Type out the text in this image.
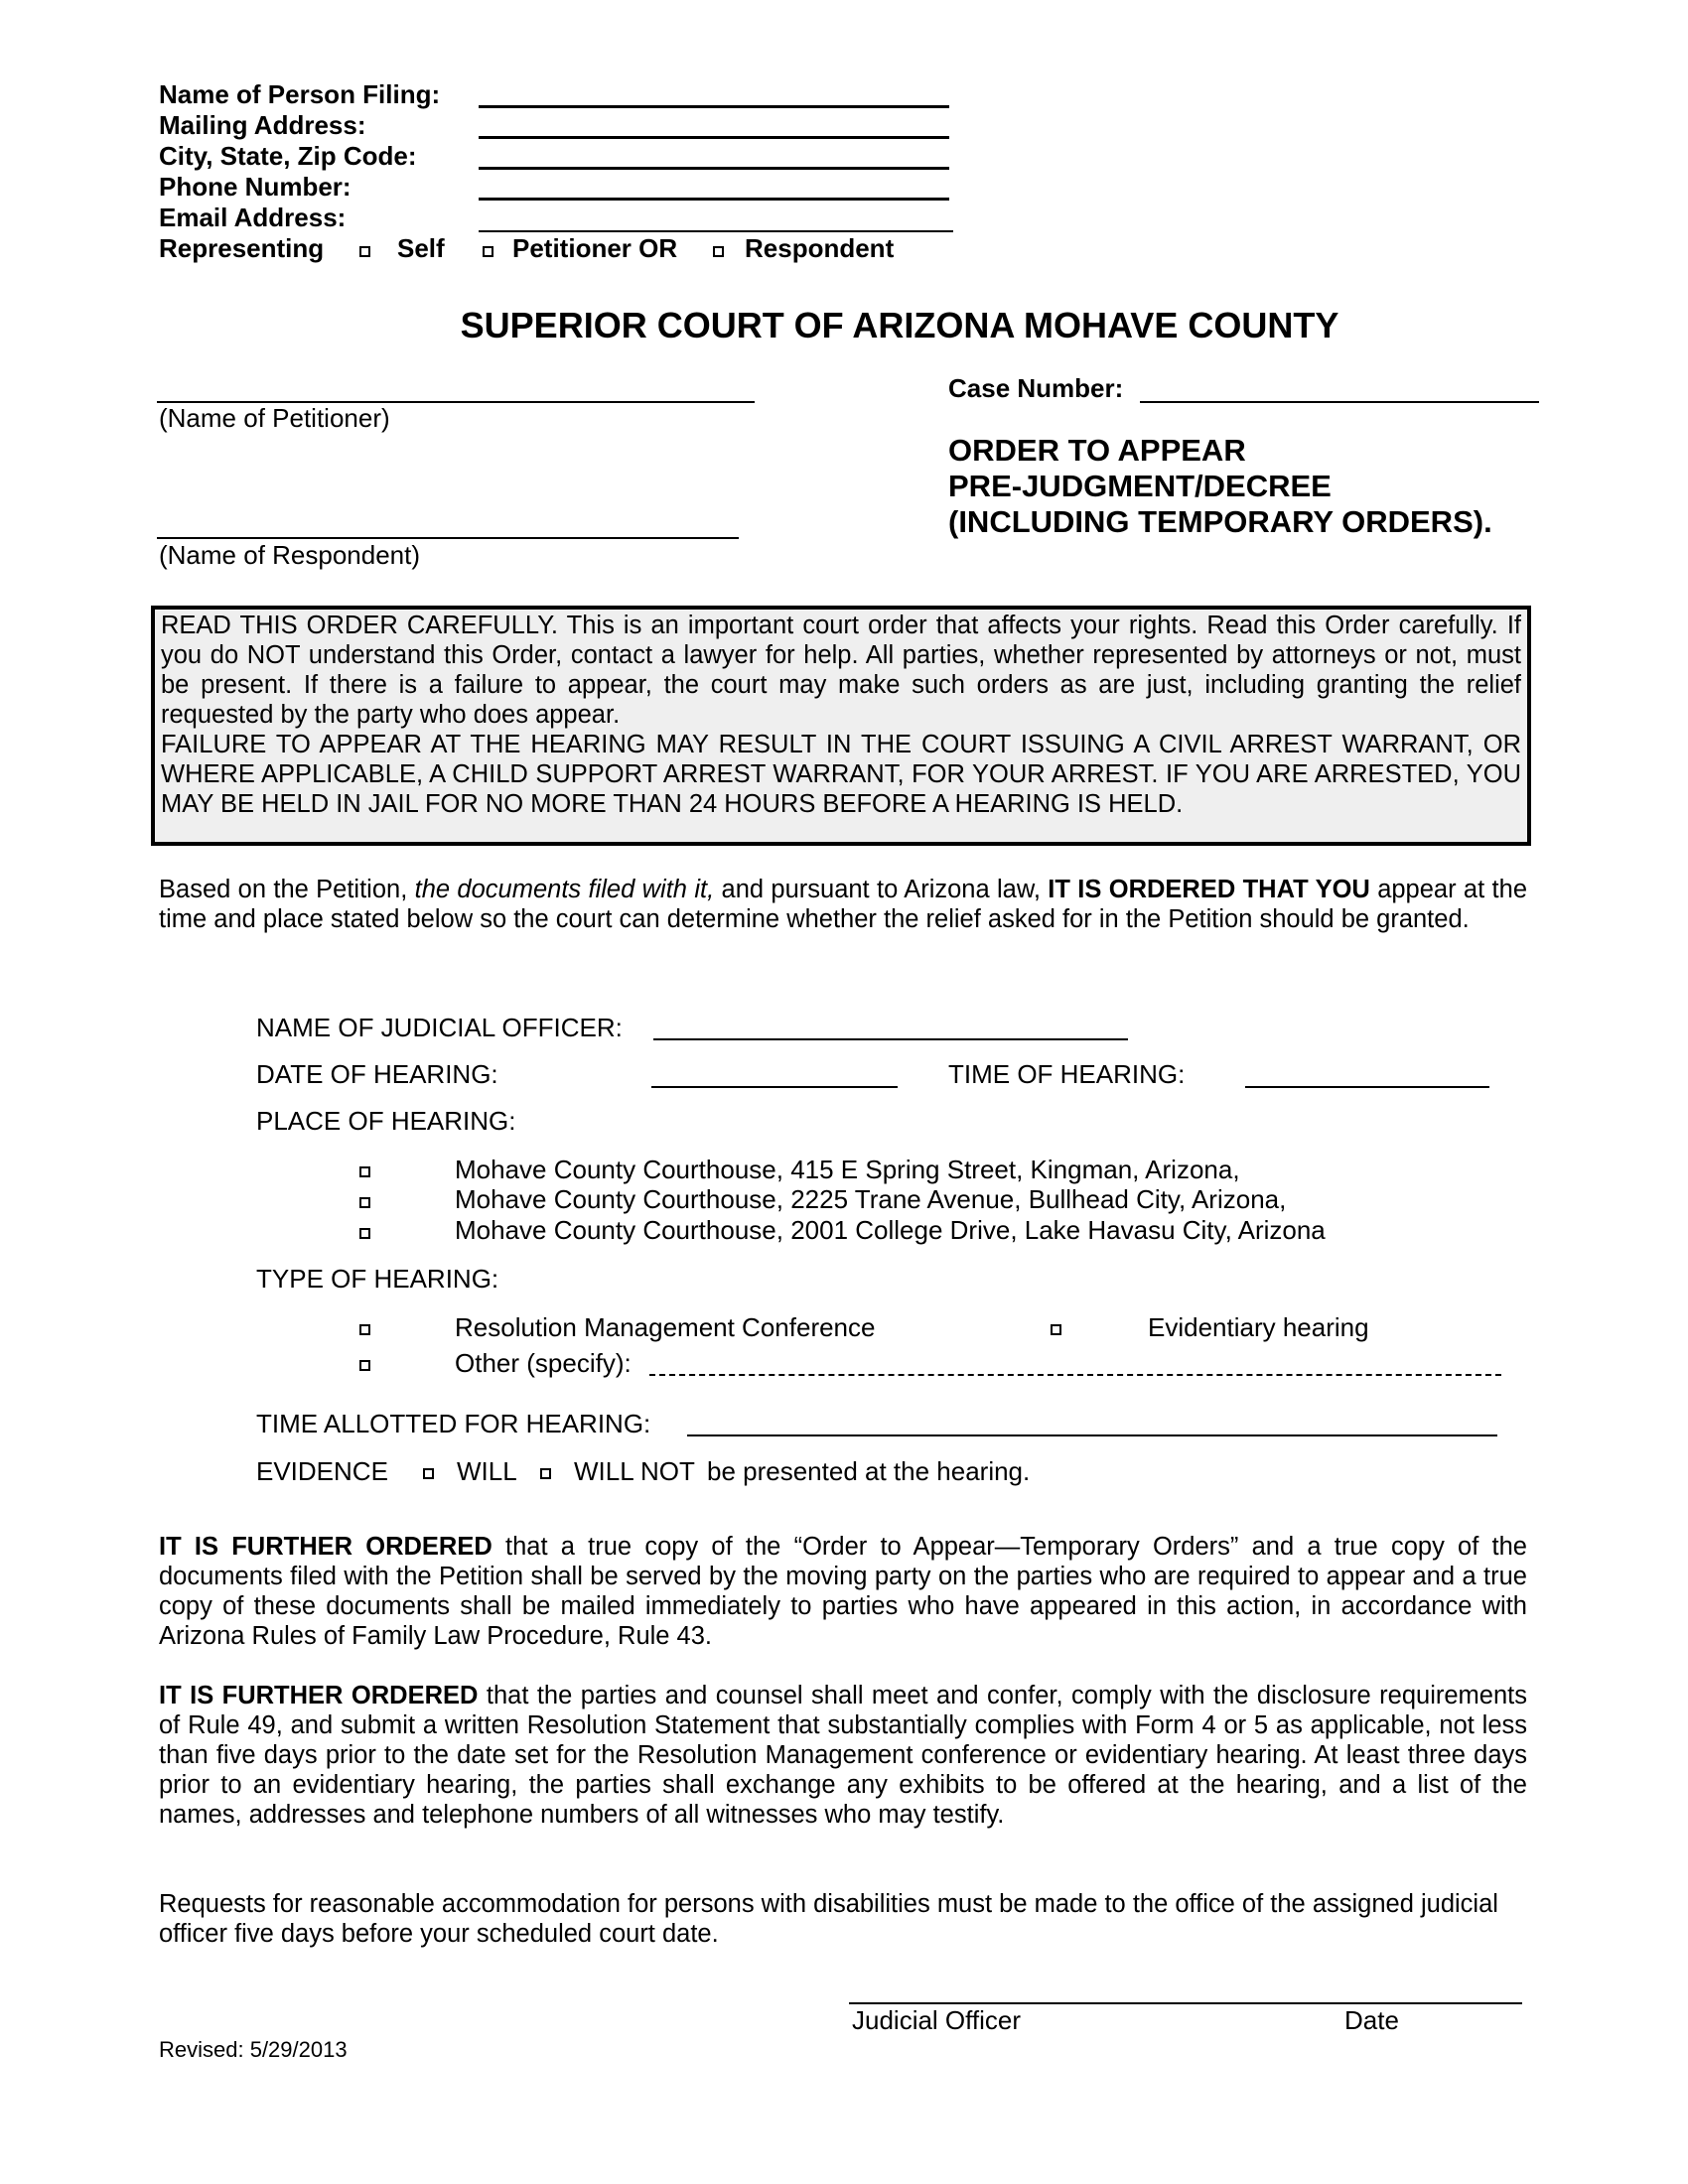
Name of Person Filing:
Mailing Address:
City, State, Zip Code:
Phone Number:
Email Address:
Representing	Self	Petitioner OR	Respondent
SUPERIOR COURT OF ARIZONA MOHAVE COUNTY
(Name of Petitioner)
(Name of Respondent)
Case Number:
ORDER TO APPEAR
PRE-JUDGMENT/DECREE
(INCLUDING TEMPORARY ORDERS).
READ THIS ORDER CAREFULLY. This is an important court order that affects your rights. Read this Order carefully. If you do NOT understand this Order, contact a lawyer for help. All parties, whether represented by attorneys or not, must be present. If there is a failure to appear, the court may make such orders as are just, including granting the relief requested by the party who does appear.
FAILURE TO APPEAR AT THE HEARING MAY RESULT IN THE COURT ISSUING A CIVIL ARREST WARRANT, OR WHERE APPLICABLE, A CHILD SUPPORT ARREST WARRANT, FOR YOUR ARREST. IF YOU ARE ARRESTED, YOU MAY BE HELD IN JAIL FOR NO MORE THAN 24 HOURS BEFORE A HEARING IS HELD.
Based on the Petition, the documents filed with it, and pursuant to Arizona law, IT IS ORDERED THAT YOU appear at the time and place stated below so the court can determine whether the relief asked for in the Petition should be granted.
NAME OF JUDICIAL OFFICER:
DATE OF HEARING:	TIME OF HEARING:
PLACE OF HEARING:
Mohave County Courthouse, 415 E Spring Street, Kingman, Arizona,
Mohave County Courthouse, 2225 Trane Avenue, Bullhead City, Arizona,
Mohave County Courthouse, 2001 College Drive, Lake Havasu City, Arizona
TYPE OF HEARING:
Resolution Management Conference	Evidentiary hearing
Other (specify):
TIME ALLOTTED FOR HEARING:
EVIDENCE	WILL WILL NOT be presented at the hearing.
IT IS FURTHER ORDERED that a true copy of the “Order to Appear—Temporary Orders” and a true copy of the documents filed with the Petition shall be served by the moving party on the parties who are required to appear and a true copy of these documents shall be mailed immediately to parties who have appeared in this action, in accordance with Arizona Rules of Family Law Procedure, Rule 43.
IT IS FURTHER ORDERED that the parties and counsel shall meet and confer, comply with the disclosure requirements of Rule 49, and submit a written Resolution Statement that substantially complies with Form 4 or 5 as applicable, not less than five days prior to the date set for the Resolution Management conference or evidentiary hearing. At least three days prior to an evidentiary hearing, the parties shall exchange any exhibits to be offered at the hearing, and a list of the names, addresses and telephone numbers of all witnesses who may testify.
Requests for reasonable accommodation for persons with disabilities must be made to the office of the assigned judicial officer five days before your scheduled court date.
Judicial Officer	Date
Revised: 5/29/2013
